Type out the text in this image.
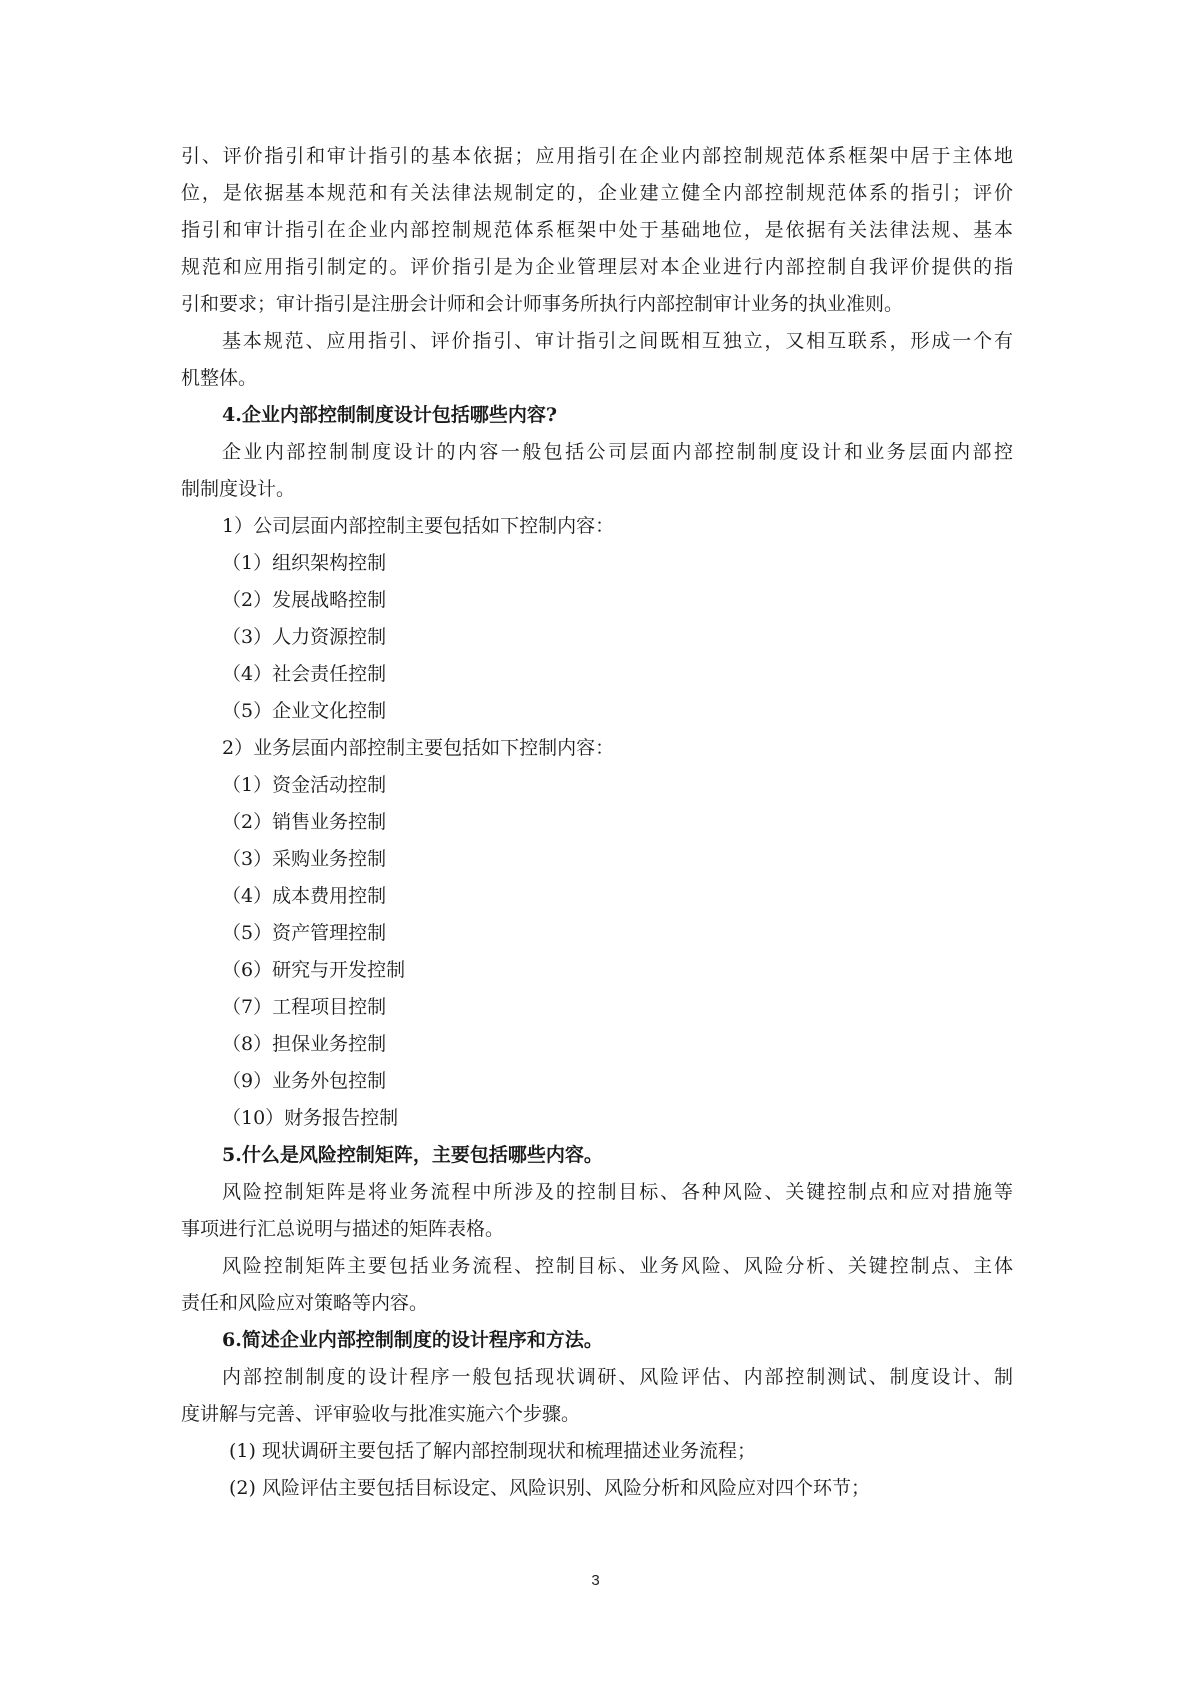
引、评价指引和审计指引的基本依据；应用指引在企业内部控制规范体系框架中居于主体地
位，是依据基本规范和有关法律法规制定的，企业建立健全内部控制规范体系的指引；评价
指引和审计指引在企业内部控制规范体系框架中处于基础地位，是依据有关法律法规、基本
规范和应用指引制定的。评价指引是为企业管理层对本企业进行内部控制自我评价提供的指
引和要求；审计指引是注册会计师和会计师事务所执行内部控制审计业务的执业准则。
基本规范、应用指引、评价指引、审计指引之间既相互独立，又相互联系，形成一个有
机整体。
4.企业内部控制制度设计包括哪些内容?
企业内部控制制度设计的内容一般包括公司层面内部控制制度设计和业务层面内部控
制制度设计。
1）公司层面内部控制主要包括如下控制内容：
（1）组织架构控制
（2）发展战略控制
（3）人力资源控制
（4）社会责任控制
（5）企业文化控制
2）业务层面内部控制主要包括如下控制内容：
（1）资金活动控制
（2）销售业务控制
（3）采购业务控制
（4）成本费用控制
（5）资产管理控制
（6）研究与开发控制
（7）工程项目控制
（8）担保业务控制
（9）业务外包控制
（10）财务报告控制
5.什么是风险控制矩阵，主要包括哪些内容。
风险控制矩阵是将业务流程中所涉及的控制目标、各种风险、关键控制点和应对措施等
事项进行汇总说明与描述的矩阵表格。
风险控制矩阵主要包括业务流程、控制目标、业务风险、风险分析、关键控制点、主体
责任和风险应对策略等内容。
6.简述企业内部控制制度的设计程序和方法。
内部控制制度的设计程序一般包括现状调研、风险评估、内部控制测试、制度设计、制
度讲解与完善、评审验收与批准实施六个步骤。
(1) 现状调研主要包括了解内部控制现状和梳理描述业务流程；
(2) 风险评估主要包括目标设定、风险识别、风险分析和风险应对四个环节；
3
